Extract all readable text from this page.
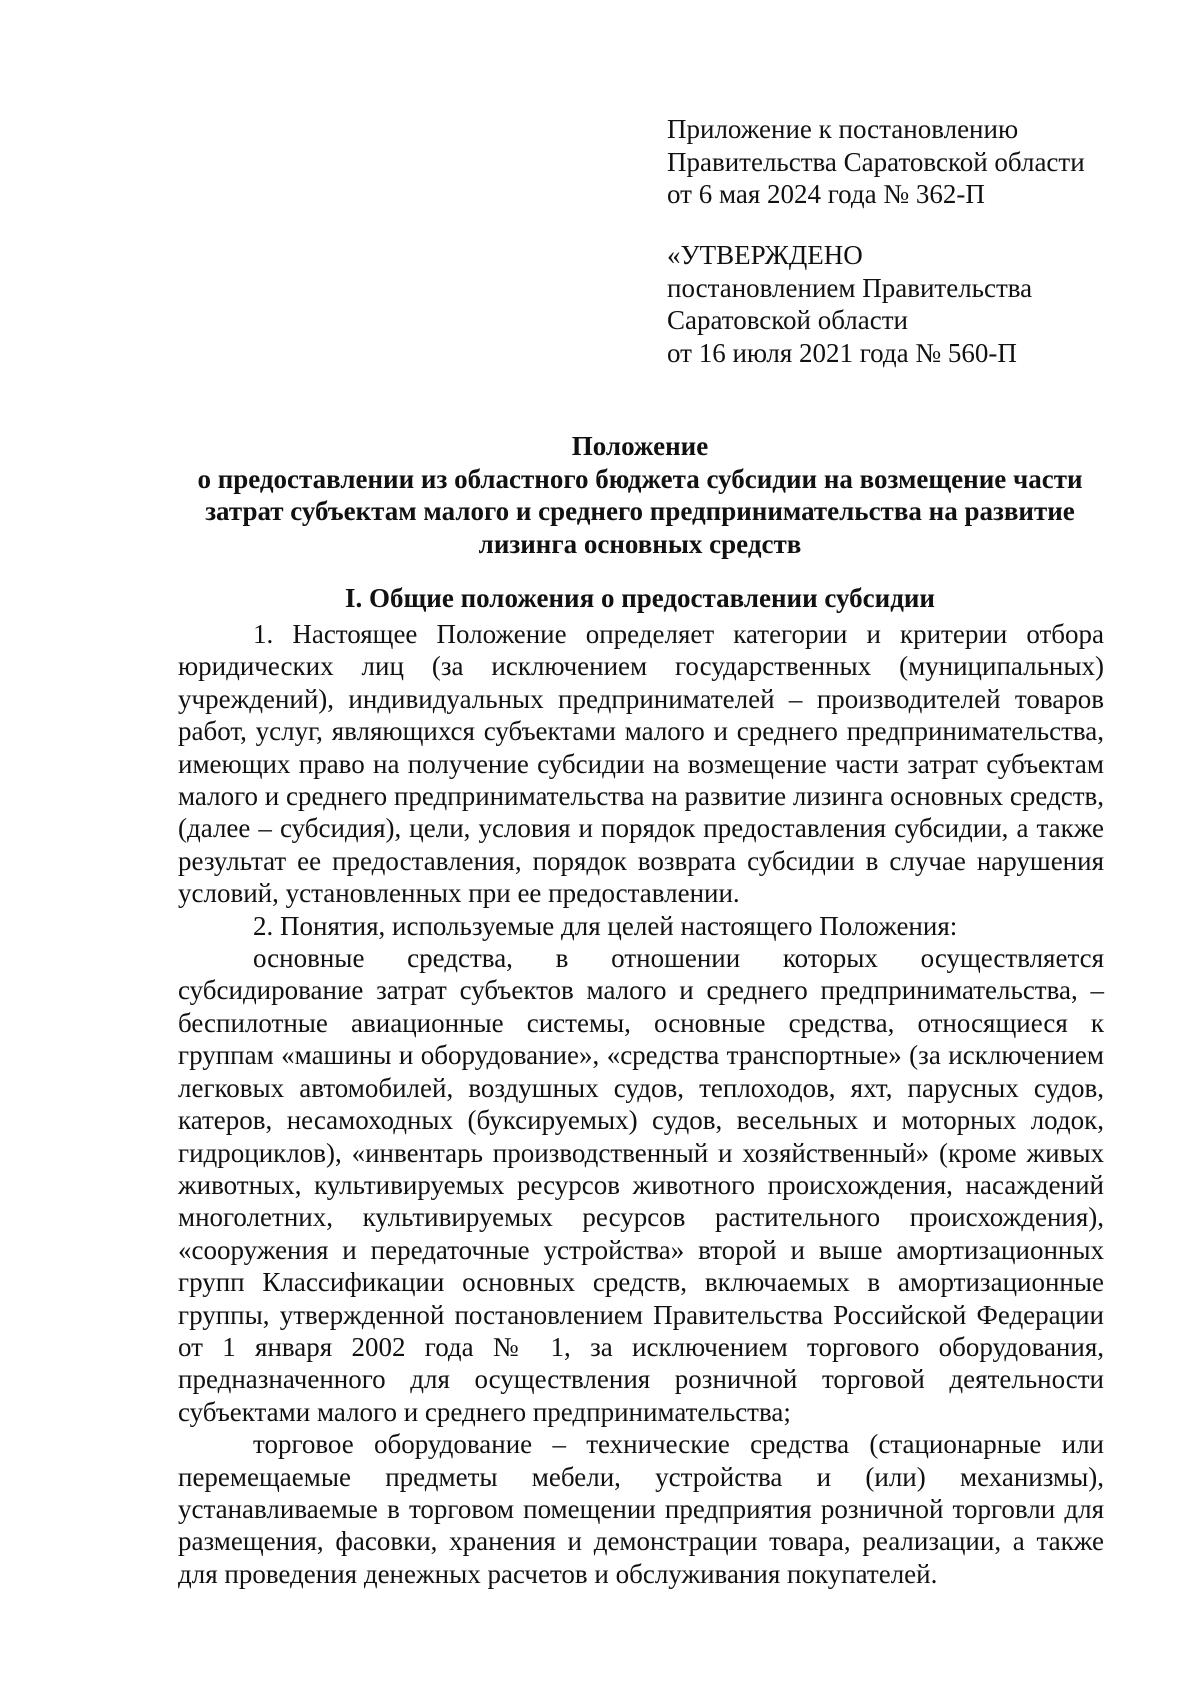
Приложение к постановлению
Правительства Саратовской области
от 6 мая 2024 года № 362-П
«УТВЕРЖДЕНО
постановлением Правительства
Саратовской области
от 16 июля 2021 года № 560-П
Положение
о предоставлении из областного бюджета субсидии на возмещение части
затрат субъектам малого и среднего предпринимательства на развитие
лизинга основных средств
I. Общие положения о предоставлении субсидии

1. Настоящее Положение определяет категории и критерии отбора юридических лиц (за исключением государственных (муниципальных) учреждений), индивидуальных предпринимателей – производителей товаров работ, услуг, являющихся субъектами малого и среднего предпринимательства, имеющих право на получение субсидии на возмещение части затрат субъектам малого и среднего предпринимательства на развитие лизинга основных средств, (далее – субсидия), цели, условия и порядок предоставления субсидии, а также результат ее предоставления, порядок возврата субсидии в случае нарушения условий, установленных при ее предоставлении.

2. Понятия, используемые для целей настоящего Положения:

основные средства, в отношении которых осуществляется субсидирование затрат субъектов малого и среднего предпринимательства, – беспилотные авиационные системы, основные средства, относящиеся к группам «машины и оборудование», «средства транспортные» (за исключением легковых автомобилей, воздушных судов, теплоходов, яхт, парусных судов, катеров, несамоходных (буксируемых) судов, весельных и моторных лодок, гидроциклов), «инвентарь производственный и хозяйственный» (кроме живых животных, культивируемых ресурсов животного происхождения, насаждений многолетних, культивируемых ресурсов растительного происхождения), «сооружения и передаточные устройства» второй и выше амортизационных групп Классификации основных средств, включаемых в амортизационные группы, утвержденной постановлением Правительства Российской Федерации от 1 января 2002 года № 1, за исключением торгового оборудования, предназначенного для осуществления розничной торговой деятельности субъектами малого и среднего предпринимательства;

торговое оборудование – технические средства (стационарные или перемещаемые предметы мебели, устройства и (или) механизмы), устанавливаемые в торговом помещении предприятия розничной торговли для размещения, фасовки, хранения и демонстрации товара, реализации, а также для проведения денежных расчетов и обслуживания покупателей.
